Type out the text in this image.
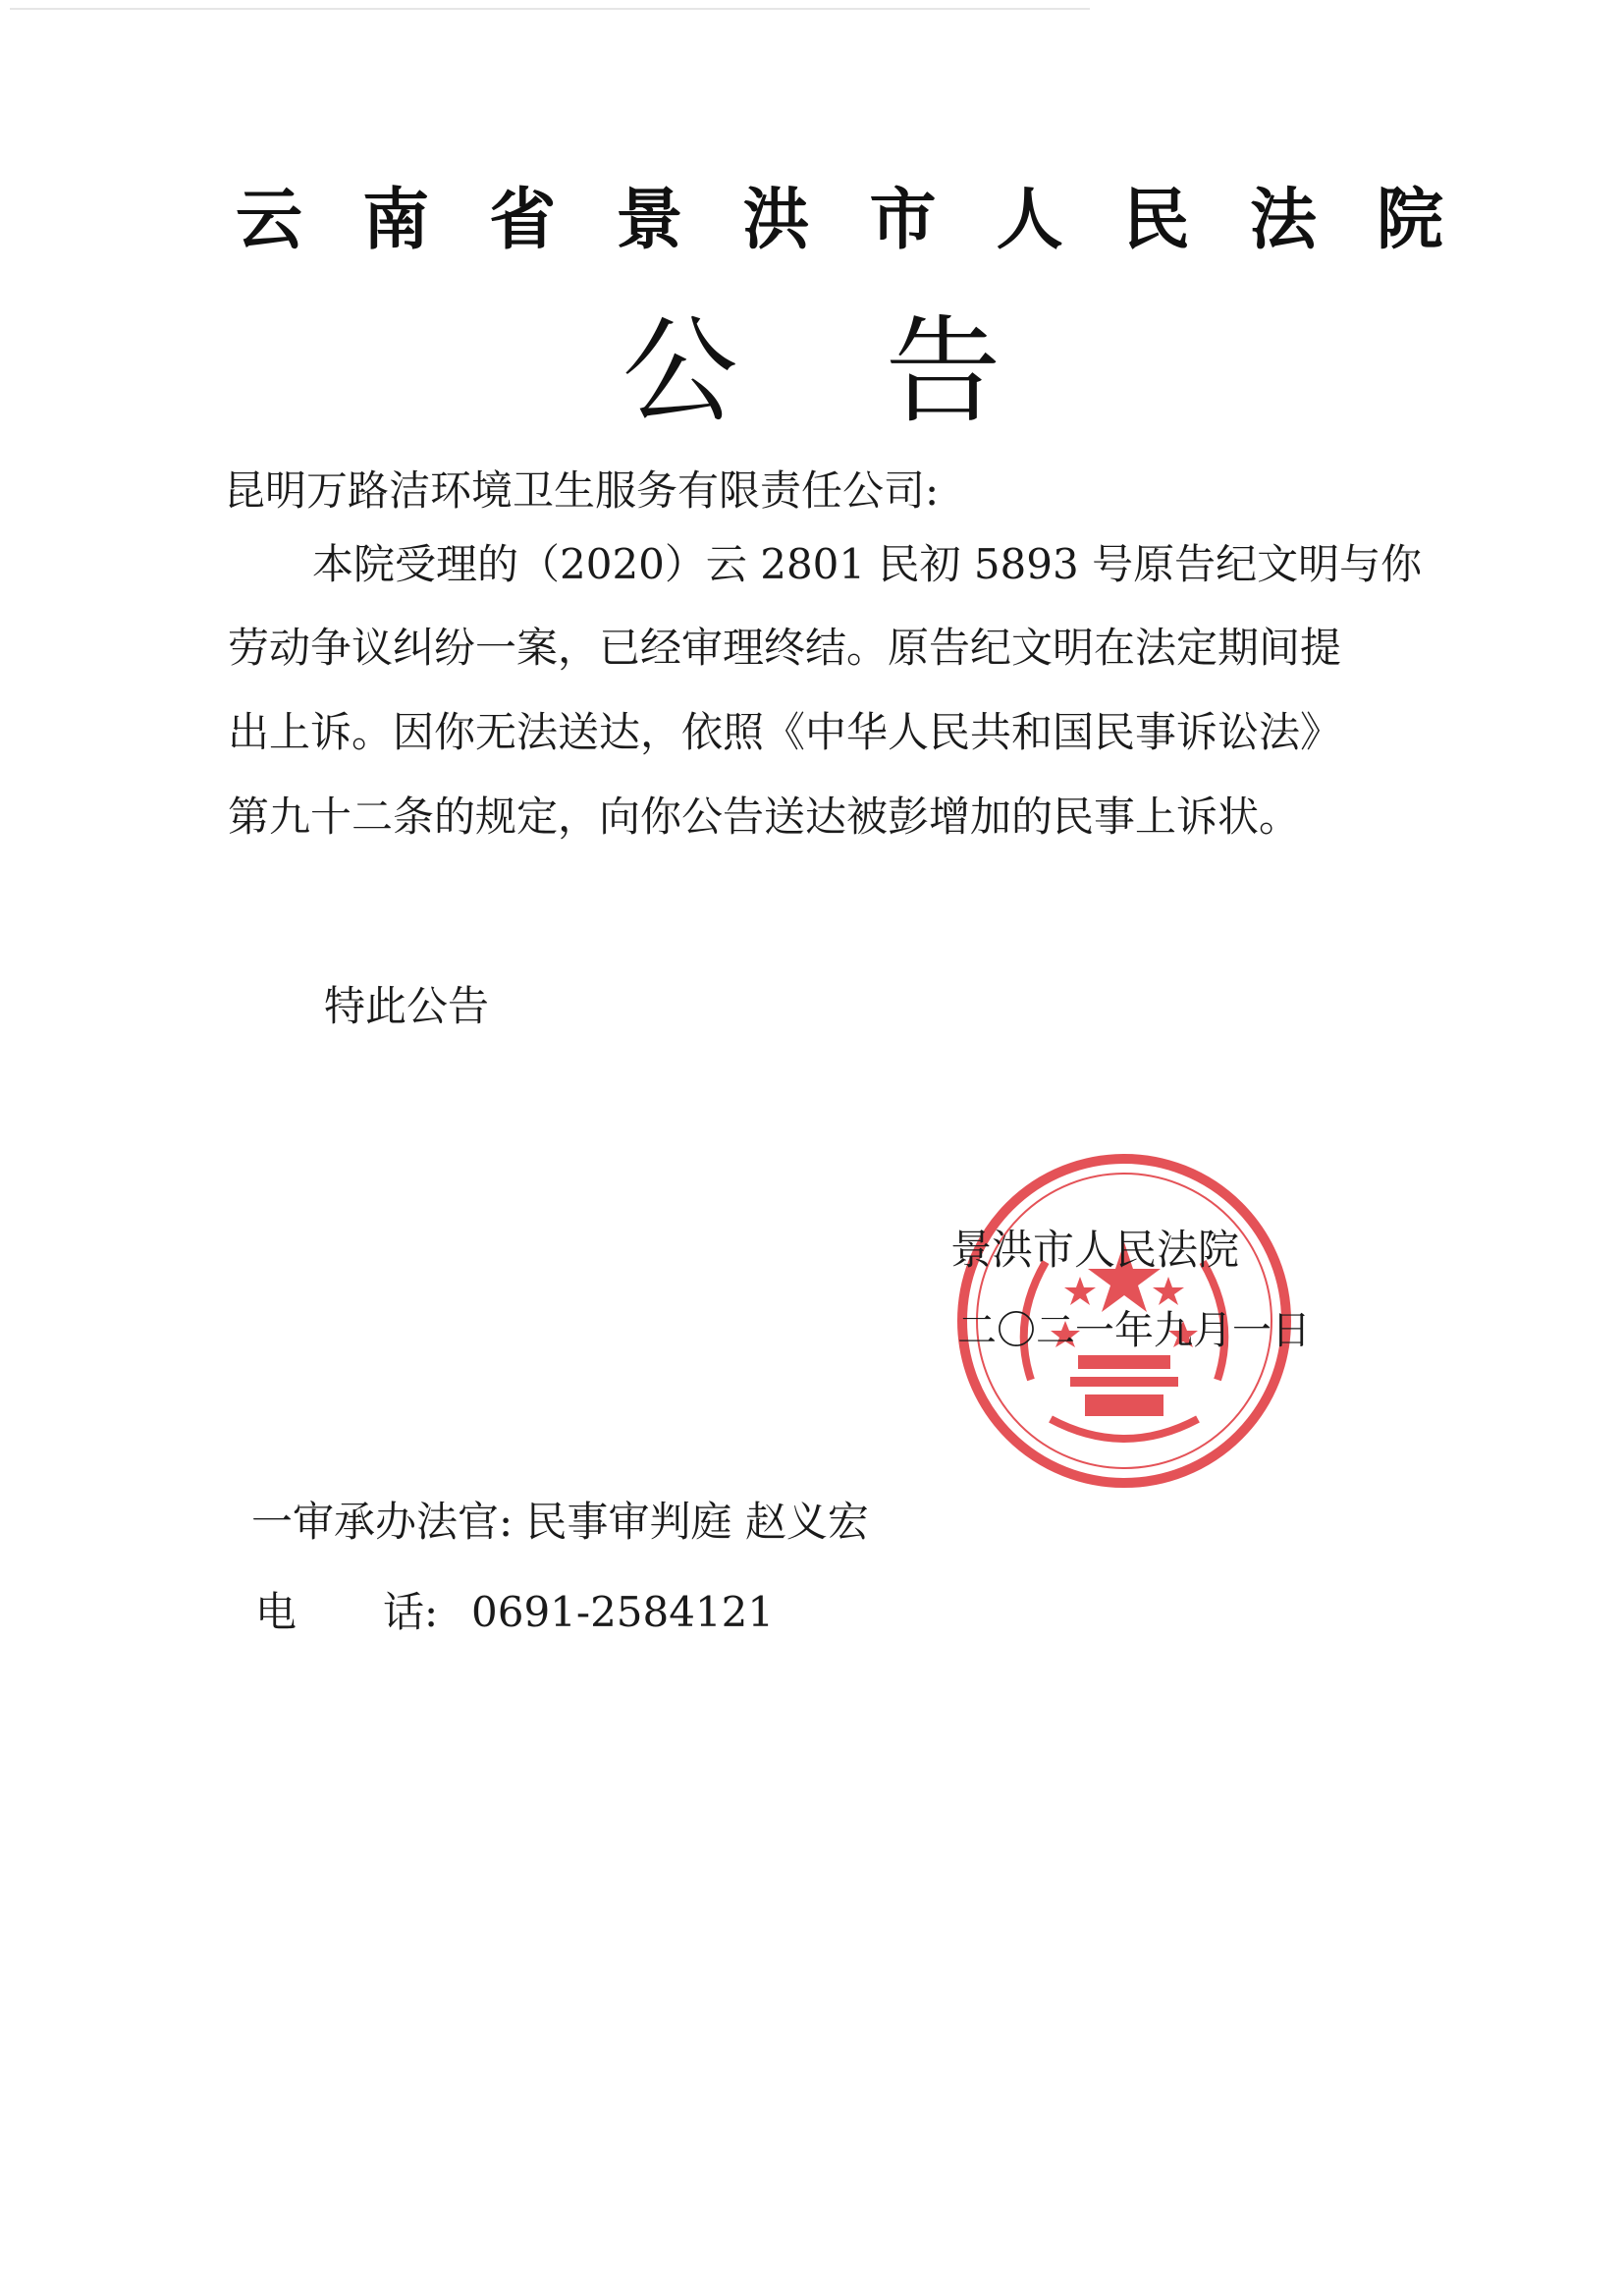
云 南 省 景 洪 市 人 民 法 院
公 告
昆明万路洁环境卫生服务有限责任公司:
本院受理的（2020）云 2801 民初 5893 号原告纪文明与你
劳动争议纠纷一案，已经审理终结。原告纪文明在法定期间提
出上诉。因你无法送达，依照《中华人民共和国民事诉讼法》
第九十二条的规定，向你公告送达被彭增加的民事上诉状。
特此公告
景洪市人民法院
二〇二一年九月一日
一审承办法官: 民事审判庭 赵义宏
电	话: 0691-2584121
